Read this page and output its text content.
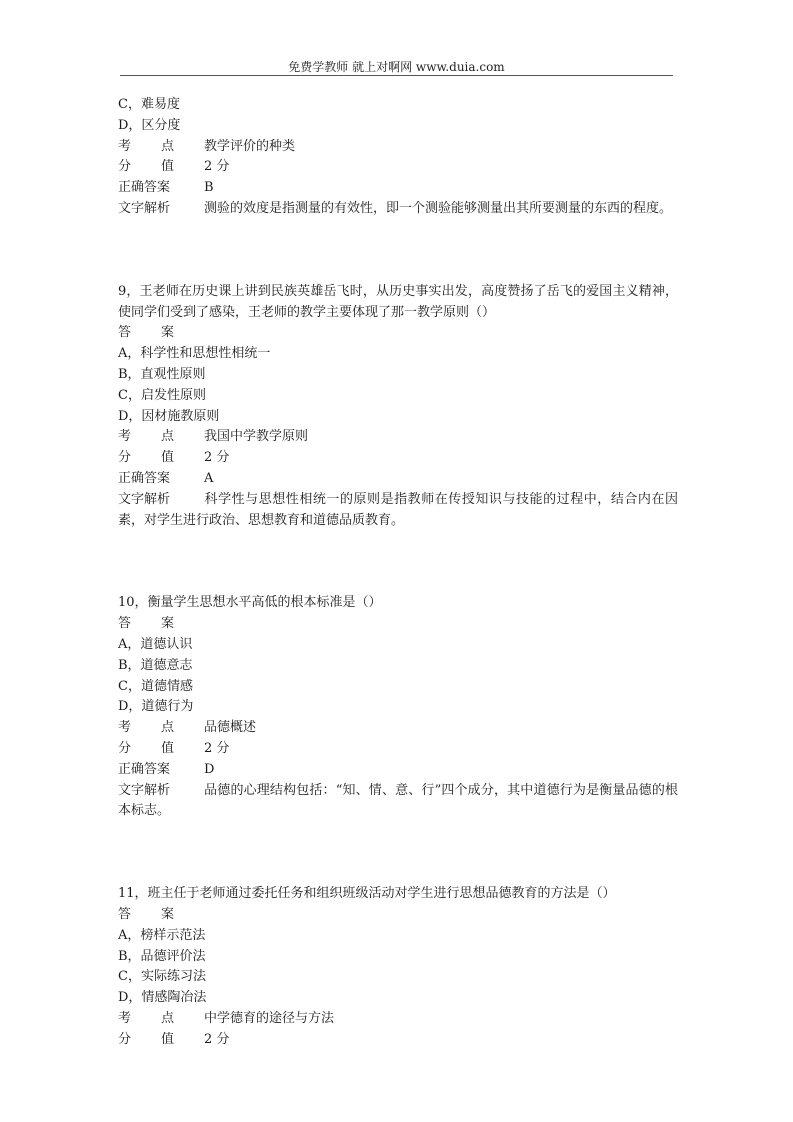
免费学教师 就上对啊网 www.duia.com
C，难易度
D，区分度
考 点 教学评价的种类
分 值 2 分
正确答案	B
文字解析	测验的效度是指测量的有效性，即一个测验能够测量出其所要测量的东西的程度。
9，王老师在历史课上讲到民族英雄岳飞时，从历史事实出发，高度赞扬了岳飞的爱国主义精神，使同学们受到了感染，王老师的教学主要体现了那一教学原则（）
答 案
A，科学性和思想性相统一
B，直观性原则
C，启发性原则
D，因材施教原则
考 点 我国中学教学原则
分 值 2 分
正确答案	A
文字解析	科学性与思想性相统一的原则是指教师在传授知识与技能的过程中，结合内在因素，对学生进行政治、思想教育和道德品质教育。
10，衡量学生思想水平高低的根本标准是（）
答 案
A，道德认识
B，道德意志
C，道德情感
D，道德行为
考 点 品德概述
分 值 2 分
正确答案	D
文字解析	品德的心理结构包括：“知、情、意、行”四个成分，其中道德行为是衡量品德的根本标志。
11，班主任于老师通过委托任务和组织班级活动对学生进行思想品德教育的方法是（）
答 案
A，榜样示范法
B，品德评价法
C，实际练习法
D，情感陶冶法
考 点 中学德育的途径与方法
分 值 2 分
